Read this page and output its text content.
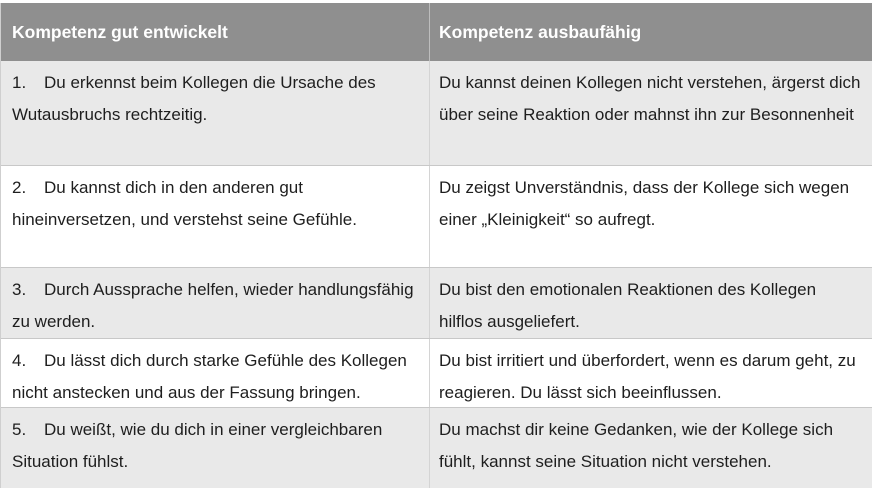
Kompetenz gut entwickelt	Kompetenz ausbaufähig
1. Du erkennst beim Kollegen die Ursache des Wutausbruchs rechtzeitig.
Du kannst deinen Kollegen nicht verstehen, ärgerst dich über seine Reaktion oder mahnst ihn zur Besonnenheit
2. Du kannst dich in den anderen gut hineinversetzen, und verstehst seine Gefühle.
Du zeigst Unverständnis, dass der Kollege sich wegen einer „Kleinigkeit“ so aufregt.
3. Durch Aussprache helfen, wieder handlungsfähig zu werden.
Du bist den emotionalen Reaktionen des Kollegen hilflos ausgeliefert.
4. Du lässt dich durch starke Gefühle des Kollegen nicht anstecken und aus der Fassung bringen.
Du bist irritiert und überfordert, wenn es darum geht, zu reagieren. Du lässt sich beeinflussen.
5. Du weißt, wie du dich in einer vergleichbaren Situation fühlst.
Du machst dir keine Gedanken, wie der Kollege sich fühlt, kannst seine Situation nicht verstehen.
